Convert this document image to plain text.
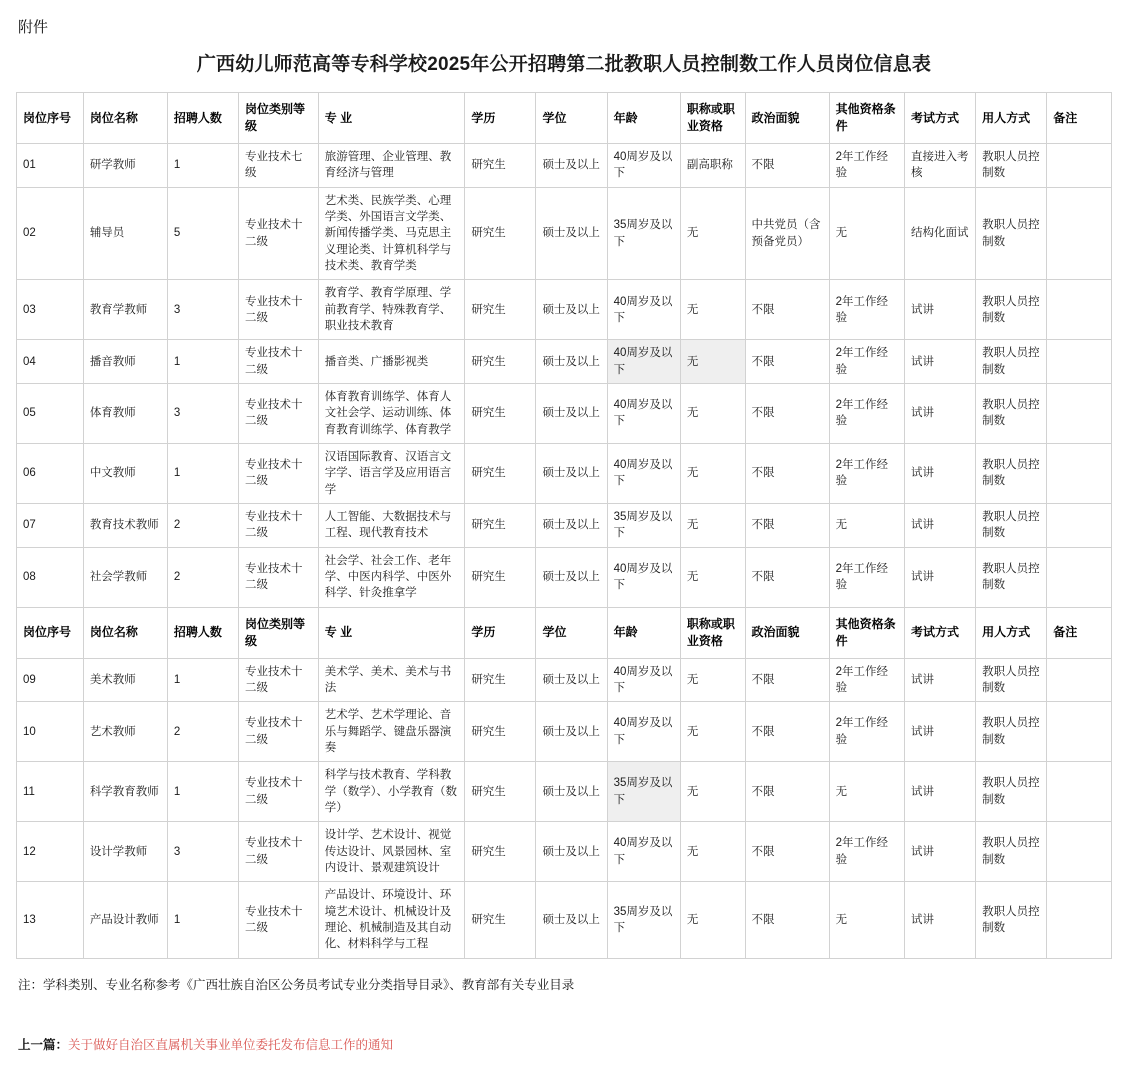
附件
广西幼儿师范高等专科学校2025年公开招聘第二批教职人员控制数工作人员岗位信息表
岗位序号	岗位名称	招聘人数	岗位类别等级	专 业	学历	学位	年龄	职称或职业资格	政治面貌	其他资格条件	考试方式	用人方式	备注
01	研学教师	1	专业技术七级	旅游管理、企业管理、教育经济与管理	研究生	硕士及以上	40周岁及以下	副高职称	不限	2年工作经验	直接进入考核	教职人员控制数	
02	辅导员	5	专业技术十二级	艺术类、民族学类、心理学类、外国语言文学类、新闻传播学类、马克思主义理论类、计算机科学与技术类、教育学类	研究生	硕士及以上	35周岁及以下	无	中共党员（含预备党员）	无	结构化面试	教职人员控制数	
03	教育学教师	3	专业技术十二级	教育学、教育学原理、学前教育学、特殊教育学、职业技术教育	研究生	硕士及以上	40周岁及以下	无	不限	2年工作经验	试讲	教职人员控制数	
04	播音教师	1	专业技术十二级	播音类、广播影视类	研究生	硕士及以上	40周岁及以下	无	不限	2年工作经验	试讲	教职人员控制数	
05	体育教师	3	专业技术十二级	体育教育训练学、体育人文社会学、运动训练、体育教育训练学、体育教学	研究生	硕士及以上	40周岁及以下	无	不限	2年工作经验	试讲	教职人员控制数	
06	中文教师	1	专业技术十二级	汉语国际教育、汉语言文字学、语言学及应用语言学	研究生	硕士及以上	40周岁及以下	无	不限	2年工作经验	试讲	教职人员控制数	
07	教育技术教师	2	专业技术十二级	人工智能、大数据技术与工程、现代教育技术	研究生	硕士及以上	35周岁及以下	无	不限	无	试讲	教职人员控制数	
08	社会学教师	2	专业技术十二级	社会学、社会工作、老年学、中医内科学、中医外科学、针灸推拿学	研究生	硕士及以上	40周岁及以下	无	不限	2年工作经验	试讲	教职人员控制数	
岗位序号	岗位名称	招聘人数	岗位类别等级	专 业	学历	学位	年龄	职称或职业资格	政治面貌	其他资格条件	考试方式	用人方式	备注
09	美术教师	1	专业技术十二级	美术学、美术、美术与书法	研究生	硕士及以上	40周岁及以下	无	不限	2年工作经验	试讲	教职人员控制数	
10	艺术教师	2	专业技术十二级	艺术学、艺术学理论、音乐与舞蹈学、键盘乐器演奏	研究生	硕士及以上	40周岁及以下	无	不限	2年工作经验	试讲	教职人员控制数	
11	科学教育教师	1	专业技术十二级	科学与技术教育、学科教学（数学）、小学教育（数学）	研究生	硕士及以上	35周岁及以下	无	不限	无	试讲	教职人员控制数	
12	设计学教师	3	专业技术十二级	设计学、艺术设计、视觉传达设计、风景园林、室内设计、景观建筑设计	研究生	硕士及以上	40周岁及以下	无	不限	2年工作经验	试讲	教职人员控制数	
13	产品设计教师	1	专业技术十二级	产品设计、环境设计、环境艺术设计、机械设计及理论、机械制造及其自动化、材料科学与工程	研究生	硕士及以上	35周岁及以下	无	不限	无	试讲	教职人员控制数	
注：学科类别、专业名称参考《广西壮族自治区公务员考试专业分类指导目录》、教育部有关专业目录
上一篇：关于做好自治区直属机关事业单位委托发布信息工作的通知
